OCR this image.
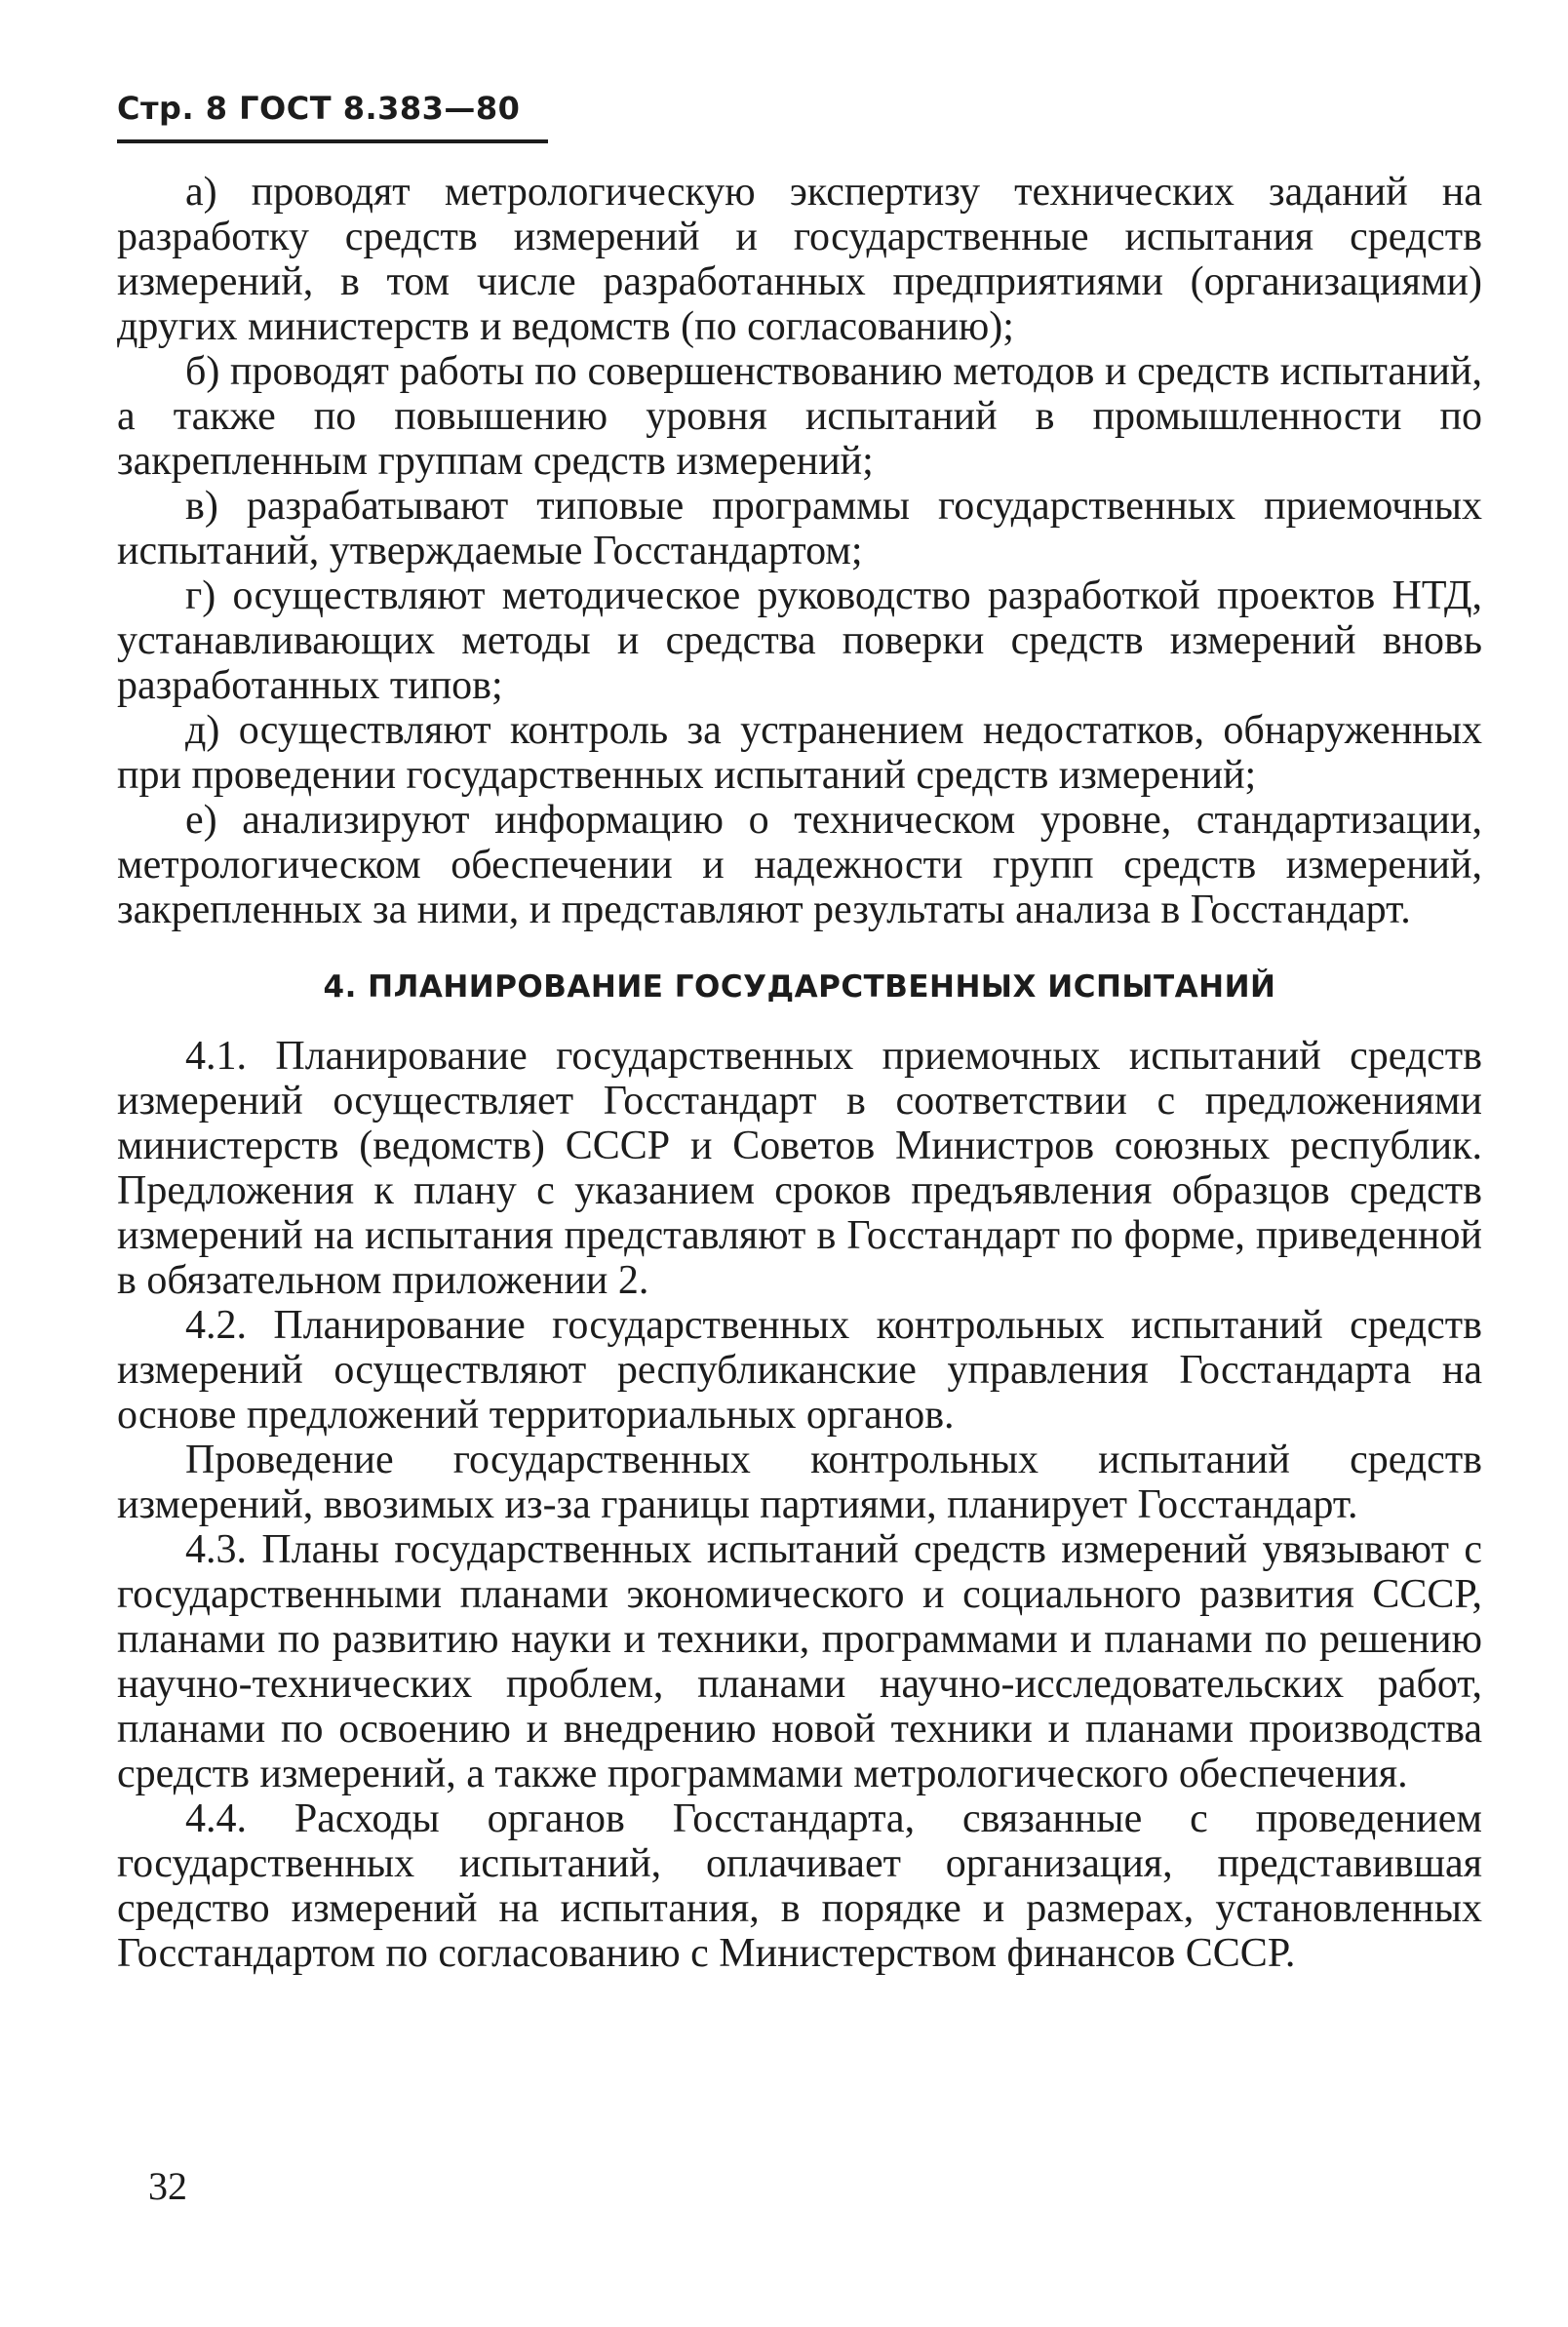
Стр. 8 ГОСТ 8.383—80

а) проводят метрологическую экспертизу технических заданий на разработку средств измерений и государственные испытания средств измерений, в том числе разработанных предприятиями (организациями) других министерств и ведомств (по согласованию);

б) проводят работы по совершенствованию методов и средств испытаний, а также по повышению уровня испытаний в промышленности по закрепленным группам средств измерений;

в) разрабатывают типовые программы государственных приемочных испытаний, утверждаемые Госстандартом;

г) осуществляют методическое руководство разработкой проектов НТД, устанавливающих методы и средства поверки средств измерений вновь разработанных типов;

д) осуществляют контроль за устранением недостатков, обнаруженных при проведении государственных испытаний средств измерений;

е) анализируют информацию о техническом уровне, стандартизации, метрологическом обеспечении и надежности групп средств измерений, закрепленных за ними, и представляют результаты анализа в Госстандарт.

4. ПЛАНИРОВАНИЕ ГОСУДАРСТВЕННЫХ ИСПЫТАНИЙ

4.1. Планирование государственных приемочных испытаний средств измерений осуществляет Госстандарт в соответствии с предложениями министерств (ведомств) СССР и Советов Министров союзных республик. Предложения к плану с указанием сроков предъявления образцов средств измерений на испытания представляют в Госстандарт по форме, приведенной в обязательном приложении 2.

4.2. Планирование государственных контрольных испытаний средств измерений осуществляют республиканские управления Госстандарта на основе предложений территориальных органов.

Проведение государственных контрольных испытаний средств измерений, ввозимых из-за границы партиями, планирует Госстандарт.

4.3. Планы государственных испытаний средств измерений увязывают с государственными планами экономического и социального развития СССР, планами по развитию науки и техники, программами и планами по решению научно-технических проблем, планами научно-исследовательских работ, планами по освоению и внедрению новой техники и планами производства средств измерений, а также программами метрологического обеспечения.

4.4. Расходы органов Госстандарта, связанные с проведением государственных испытаний, оплачивает организация, представившая средство измерений на испытания, в порядке и размерах, установленных Госстандартом по согласованию с Министерством финансов СССР.

32
